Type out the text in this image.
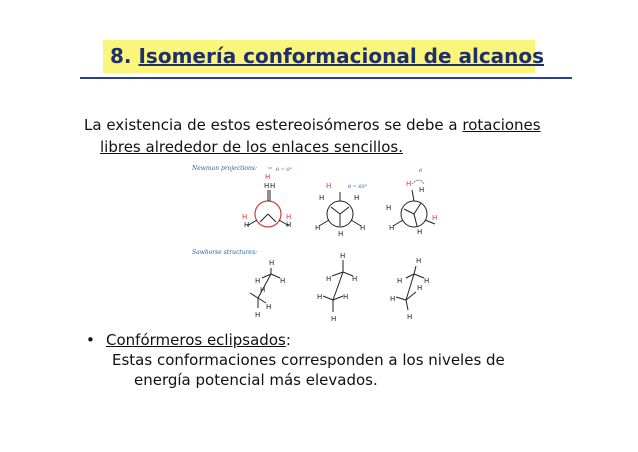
8. Isomería conformacional de alcanos
La existencia de estos estereoisómeros se debe a rotaciones
libres alrededor de los enlaces sencillos.
Newman projections:
Sawhorse structures:
θ = 0°
H
H H
H
H
H
H
θ = 60°
H
H	H
H	H
H
θ
H
H
H
H
H	H
H
H	H
H
H
H
H
H	H
H	H
H
H
H	H
H
H
H
• Confórmeros eclipsados:
Estas conformaciones corresponden a los niveles de
energía potencial más elevados.
